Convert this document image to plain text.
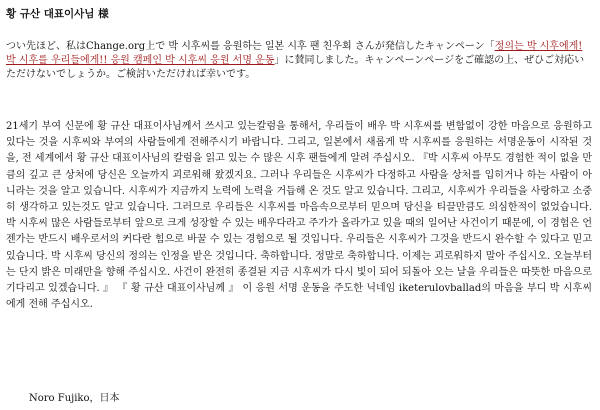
황 규산 대표이사님 様
つい先ほど、私はChange.org上で 박 시후씨를 응원하는 일본 시후 팬 친우회 さんが発信したキャンペーン「정의는 박 시후에게! 박 시후를 우리들에게!! 응원 캠페인 박 시후씨 응원 서명 운동」に賛同しました。キャンペーンページをご確認の上、ぜひご対応いただけないでしょうか。ご検討いただければ幸いです。
21세기 부여 신문에 황 규산 대표이사님께서 쓰시고 있는칼럼을 통해서, 우리들이 배우 박 시후씨를 변함없이 강한 마음으로 응원하고 있다는 것을 시후씨와 부여의 사람들에게 전해주시기 바랍니다. 그리고, 일본에서 새롭게 박 시후씨를 응원하는 서명운동이 시작된 것을, 전 세계에서 황 규산 대표이사님의 칼럼을 읽고 있는 수 많은 시후 팬들에게 알려 주십시오. 『박 시후씨 아무도 경험한 적이 없을 만큼의 깊고 큰 상처에 당신은 오늘까지 괴로워해 왔겠지요. 그러나 우리들은 시후씨가 다정하고 사람을 상처를 입히거나 하는 사람이 아니라는 것을 알고 있습니다. 시후씨가 지금까지 노력에 노력을 거듭해 온 것도 알고 있습니다. 그리고, 시후씨가 우리들을 사랑하고 소중히 생각하고 있는것도 알고 있습니다. 그러므로 우리들은 시후씨를 마음속으로부터 믿으며 당신을 티끌만큼도 의심한적이 없었습니다. 박 시후씨 많은 사람들로부터 앞으로 크게 성장할 수 있는 배우다라고 주가가 올라가고 있을 때의 일어난 사건이기 때문에, 이 경험은 언젠가는 반드시 배우로서의 커다란 힘으로 바꿀 수 있는 경험으로 될 것입니다. 우리들은 시후씨가 그것을 반드시 완수할 수 있다고 믿고 있습니다. 박 시후씨 당신의 정의는 인정을 받은 것입니다. 축하합니다. 정말로 축하합니다. 이제는 괴로워하지 말아 주십시오. 오늘부터는 단지 밝은 미래만을 향해 주십시오. 사건이 완전히 종결된 지금 시후씨가 다시 빛이 되어 되돌아 오는 날을 우리들은 따뜻한 마음으로 기다리고 있겠습니다. 』 『 황 규산 대표이사님께 』 이 응원 서명 운동을 주도한 닉네임 iketerulovballad의 마음을 부디 박 시후씨에게 전해 주십시오.
Noro Fujiko，日本
